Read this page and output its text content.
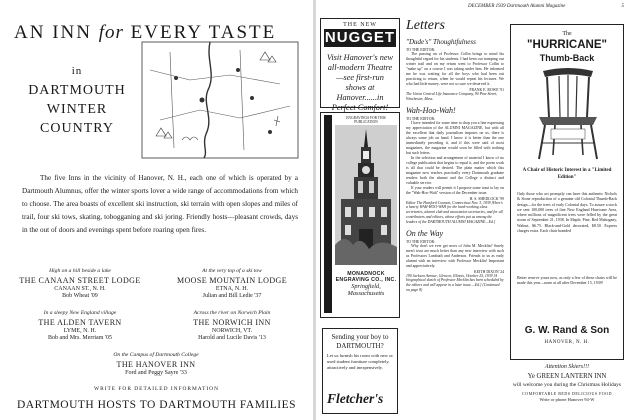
AN INN for EVERY TASTE
in
DARTMOUTH
WINTER
COUNTRY

The five Inns in the vicinity of Hanover, N. H., each one of which is operated by a Dartmouth Alumnus, offer the winter sports lover a wide range of accommodations from which to choose. The area boasts of excellent ski instruction, ski terrain with open slopes and miles of trail, four ski tows, skating, tobogganing and ski joring. Friendly hosts—pleasant crowds, days in the out of doors and evenings spent before roaring open fires.

High on a hill beside a lake
THE CANAAN STREET LODGE
CANAAN ST., N. H.
Bob Wheat '09
At the very top of a ski tow
MOOSE MOUNTAIN LODGE
ETNA, N. H.
Julian and Bill Ledie '37
In a sleepy New England village
THE ALDEN TAVERN
LYME, N. H.
Bob and Mrs. Merriam '05
Across the river on Norwich Plain
THE NORWICH INN
NORWICH, VT.
Harold and Lucile Davis '13
On the Campus of Dartmouth College
THE HANOVER INN
Ford and Peggy Sayre '33
WRITE FOR DETAILED INFORMATION
DARTMOUTH HOSTS TO DARTMOUTH FAMILIES
DECEMBER 1939 Dartmouth Alumni Magazine	5
THE NEW
NUGGET
Visit Hanover's new all-modern Theatre—see first-run shows at Hanover......in Perfect Comfort!
ENGRAVINGS FOR THIS PUBLICATION
MONADNOCK ENGRAVING CO., INC.
Springfield, Massachusetts
Sending your boy to DARTMOUTH?
Let us furnish his room with new or used student furniture completely, attractively and inexpensively.
Fletcher's
Letters
"Dude's" Thoughtfulness
TO THE EDITOR:

The passing on of Professor Collin brings to mind his thoughtful regard for his students. I had been out tramping our winter trail and on my return went to Professor Collin to "make up" on a course I was taking under him. He informed me he was waiting for all the boys who had been out practicing to return, when he would repeat his lectures. We who had little money, were not so sure we deserved it.

FRANK E. ROWE '91
The Union Central Life Insurance Company, 90 Pine Street, Winchester, Mass.
Wah-Hoo-Wah!
TO THE EDITOR:

I have intended for some time to drop you a line expressing my appreciation of the ALUMNI MAGAZINE, but with all the excellent that daily journalism imposes on us, there is always some job on hand. I know it is better than the one immediately preceding it, and if this were said of most magazines, the magazine would soon be filled with nothing but such letters.

In the selection and arrangement of material I know of no college publication that begins to equal it, and the poem work is all that could be desired. The plain matter which this magazine now reaches practically every Dartmouth graduate renders both the alumni and the College a distinct and valuable service.

If your readers will permit it I propose some toast to lay on the "Wah-Hoo-Wah" version of the December issue.

H. S. SHEDLOCK '99
Editor The Hartford Courant, Connecticut Nov. 3, 1939 [Here's a hearty WAH-HOO-WAH for the hard-working class secretaries, alumni club and association secretaries, and for all contributors and editors, whose efforts put us among the leaders of the DARTMOUTH ALUMNI MAGAZINE—Ed.]
On the Way
TO THE EDITOR:

Why don't we ever get news of John M. Mecklin? Surely men's trust are much better than any new interview with such as Professors Lambuth and Anderson. Friends to us as early alumni with an interview with Professor Mecklin! Important and appreciatively.

KEITH DIXON '24
190 Jackson Avenue, Glencoe, Illinois, October 25, 1939 [A biographical sketch of Professor Mecklin has been scheduled by the editors and will appear in a later issue.—Ed.] (Continued on page 8)
The
"HURRICANE"
Thumb-Back
A Chair of Historic Interest in a "Limited Edition"
Only those who act promptly can have this authentic Nichols & Stone reproduction of a genuine old Colonial Thumb-Back design—for the trees of early Colonial days. To assure a stock we sent 100,000 trees of fine New England Hurricane Area, where millions of magnificent trees were felled by the great storm of September 21, 1938. In Maple, Pine, Red Mahogany, Walnut, $6.75. Black-and-Gold decorated, $8.50. Express charges extra. Each chair branded
Better reserve yours now, as only a few of these chairs will be made this year—none at all after December 15, 1939!
G. W. Rand & Son
HANOVER, N. H.
Attention Skiers!!!
Ye GREEN LANTERN INN
will welcome you during the Christmas Holidays
COMFORTABLE BEDS DELICIOUS FOOD
Write or phone Hanover 94-W
